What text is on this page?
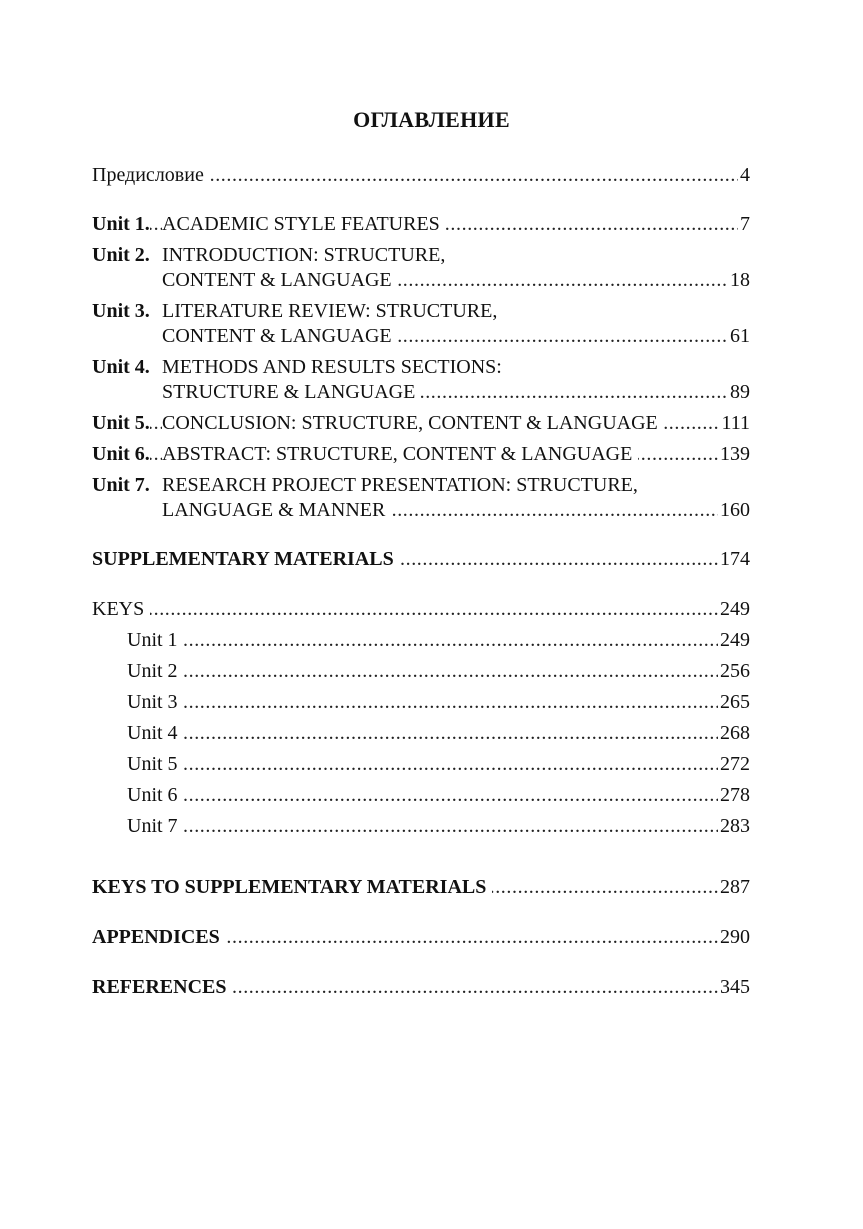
ОГЛАВЛЕНИЕ
.....
Предисловие	4
.....
Unit 1. ACADEMIC STYLE FEATURES	7
Unit 2. INTRODUCTION: STRUCTURE,
.....
CONTENT & LANGUAGE	18
Unit 3. LITERATURE REVIEW: STRUCTURE,
.....
CONTENT & LANGUAGE	61
Unit 4. METHODS AND RESULTS SECTIONS:
.....
STRUCTURE & LANGUAGE	89
.....
Unit 5. CONCLUSION: STRUCTURE, CONTENT & LANGUAGE	111
.....
Unit 6. ABSTRACT: STRUCTURE, CONTENT & LANGUAGE	139
Unit 7. RESEARCH PROJECT PRESENTATION: STRUCTURE,
.....
LANGUAGE & MANNER	160
.....
SUPPLEMENTARY MATERIALS	174
.....
KEYS	249
.....
Unit 1	249
.....
Unit 2	256
.....
Unit 3	265
.....
Unit 4	268
.....
Unit 5	272
.....
Unit 6	278
.....
Unit 7	283
.....
KEYS TO SUPPLEMENTARY MATERIALS	287
.....
APPENDICES	290
.....
REFERENCES	345
